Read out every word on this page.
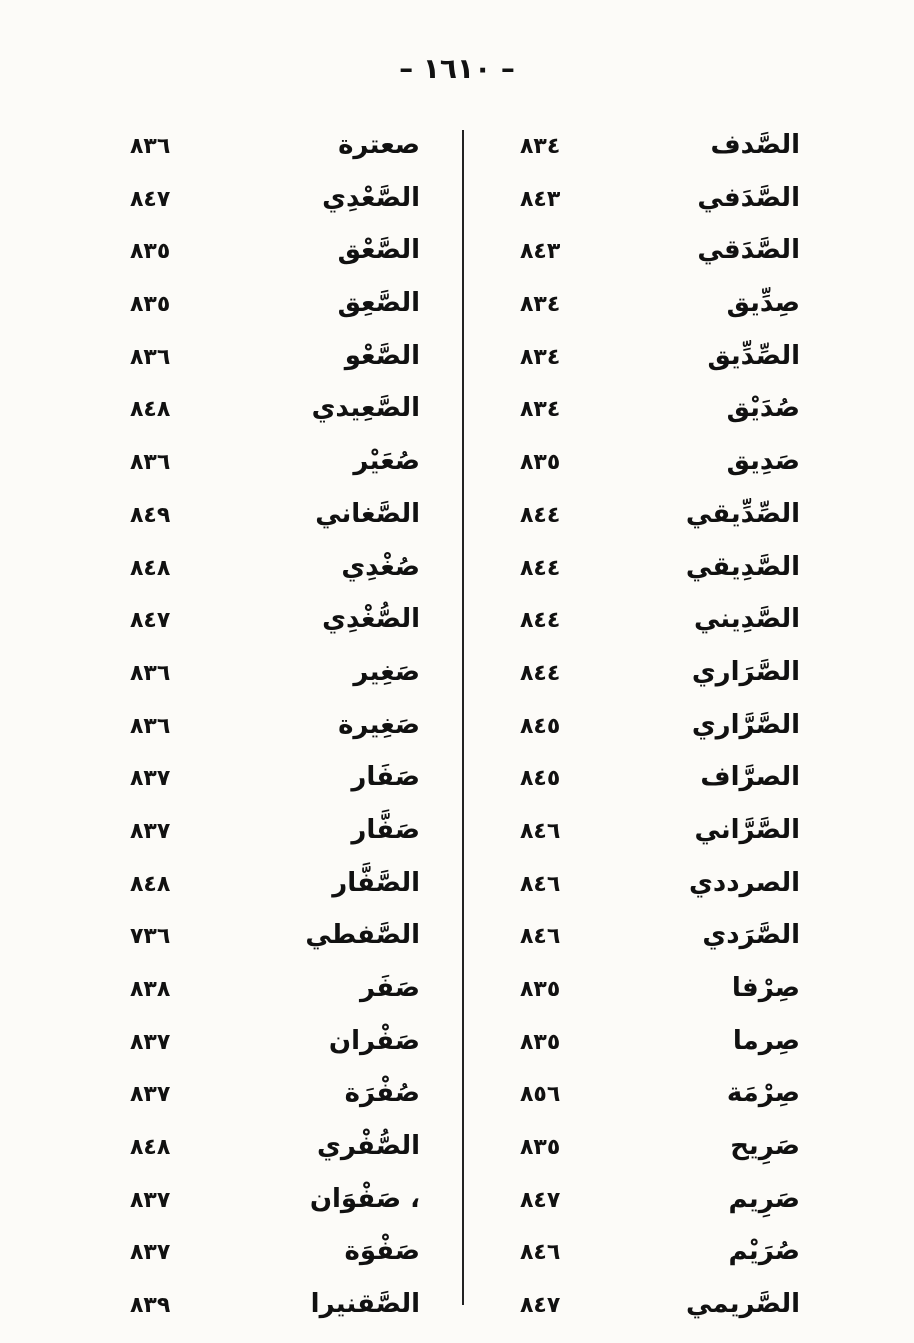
– ١٦١٠ –
الصَّدف
٨٣٤
الصَّدَفي
٨٤٣
الصَّدَقي
٨٤٣
صِدِّيق
٨٣٤
الصِّدِّيق
٨٣٤
صُدَيْق
٨٣٤
صَدِيق
٨٣٥
الصِّدِّيقي
٨٤٤
الصَّدِيقي
٨٤٤
الصَّدِيني
٨٤٤
الصَّرَاري
٨٤٤
الصَّرَّاري
٨٤٥
الصرَّاف
٨٤٥
الصَّرَّاني
٨٤٦
الصرددي
٨٤٦
الصَّرَدي
٨٤٦
صِرْفا
٨٣٥
صِرما
٨٣٥
صِرْمَة
٨٥٦
صَرِيح
٨٣٥
صَرِيم
٨٤٧
صُرَيْم
٨٤٦
الصَّريمي
٨٤٧
صعترة
٨٣٦
الصَّعْدِي
٨٤٧
الصَّعْق
٨٣٥
الصَّعِق
٨٣٥
الصَّعْو
٨٣٦
الصَّعِيدي
٨٤٨
صُعَيْر
٨٣٦
الصَّغاني
٨٤٩
صُغْدِي
٨٤٨
الصُّغْدِي
٨٤٧
صَغِير
٨٣٦
صَغِيرة
٨٣٦
صَفَار
٨٣٧
صَفَّار
٨٣٧
الصَّفَّار
٨٤٨
الصَّفطي
٧٣٦
صَفَر
٨٣٨
صَفْران
٨٣٧
صُفْرَة
٨٣٧
الصُّفْري
٨٤٨
، صَفْوَان
٨٣٧
صَفْوَة
٨٣٧
الصَّقنيرا
٨٣٩
